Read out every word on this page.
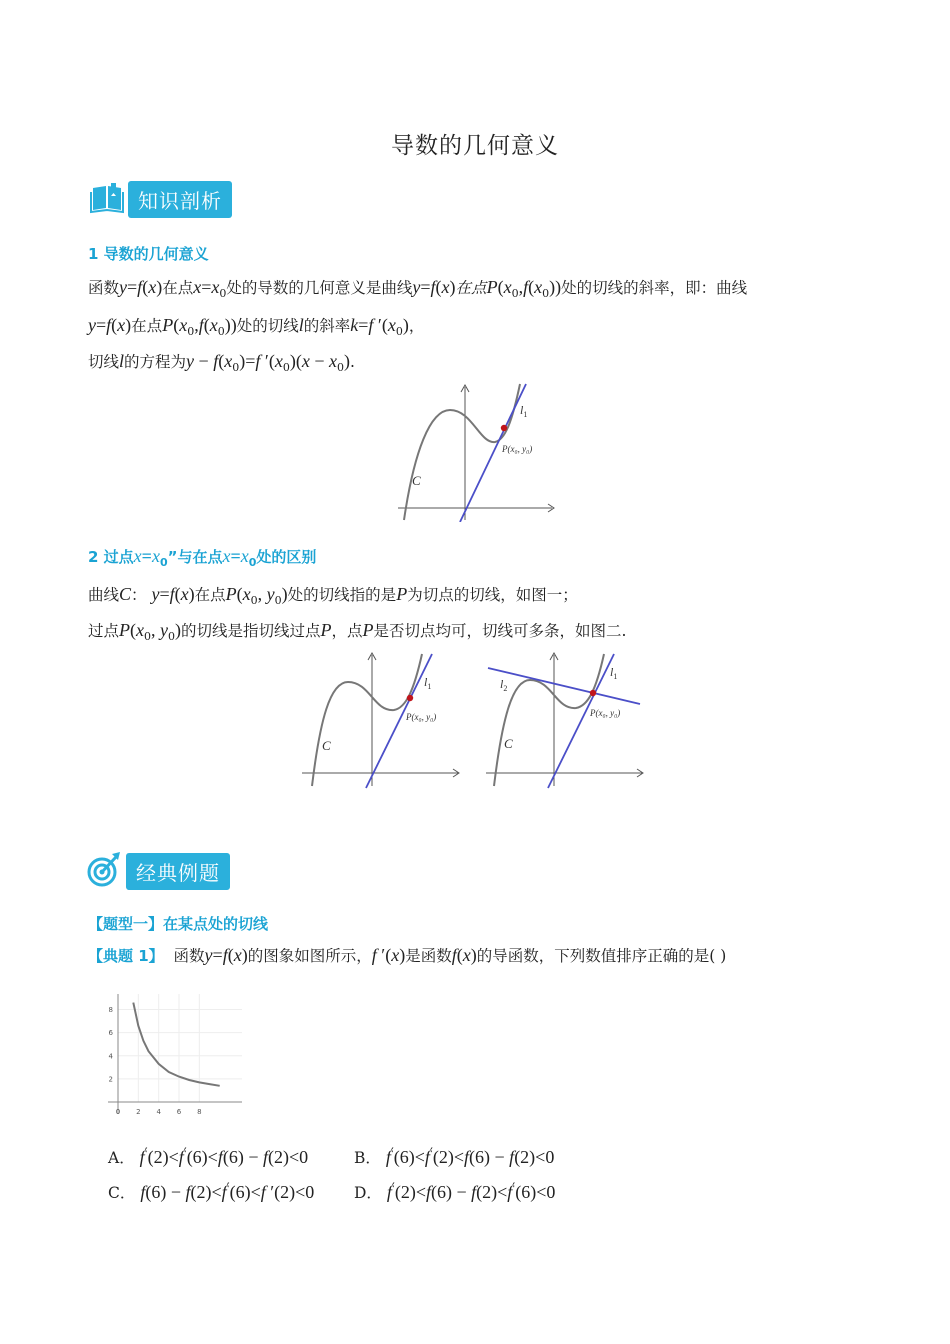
导数的几何意义
知识剖析
1 导数的几何意义
函数y=f(x)在点$x=x_0$处的导数的几何意义是曲线y=f(x)在点$P(x_0,f(x_0))$处的切线的斜率，即：曲线
y=f(x)在点$P(x_0,f(x_0))$处的切线l的斜率k=f $'(x_0)$，
切线l的方程为$y - f(x_0)=f$ $'(x_0)(x - x_0)$.
C
$l_1$
P(x₀, y₀)
2 过点$x=x_0$”与在点$x=x_0$处的区别
曲线C： y=f(x)在点$P(x_0$, $y_0$)处的切线指的是P为切点的切线，如图一；
过点$P(x_0$, $y_0$)的切线是指切线过点P，点P是否切点均可，切线可多条，如图二.
C
$l_1$
P(x₀, y₀)
C
$l_1$
$l_2$
P(x₀, y₀)
经典例题
【题型一】在某点处的切线
【典题 1】 函数y=f(x)的图象如图所示，f ′(x)是函数f(x)的导函数，下列数值排序正确的是( )
0 2 4 6 8
2
4
6
8
A． f′(2)<f′(6)<f(6) − f(2)<0	B． f′(6)<f′(2)<f(6) − f(2)<0
C． f(6) − f(2)<f′(6)<f ′(2)<0	D． f′(2)<f(6) − f(2)<f′(6)<0
